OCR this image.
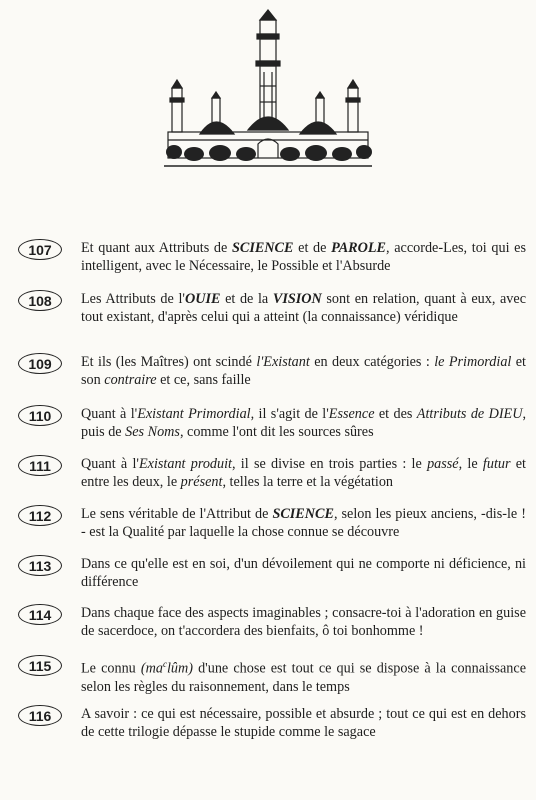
107	Et quant aux Attributs de SCIENCE et de PAROLE, accorde-Les, toi qui es intelligent, avec le Nécessaire, le Possible et l'Absurde
108	Les Attributs de l'OUIE et de la VISION sont en relation, quant à eux, avec tout existant, d'après celui qui a atteint (la connaissance) véridique
109	Et ils (les Maîtres) ont scindé l'Existant en deux catégories : le Primordial et son contraire et ce, sans faille
110	Quant à l'Existant Primordial, il s'agit de l'Essence et des Attributs de DIEU, puis de Ses Noms, comme l'ont dit les sources sûres
111	Quant à l'Existant produit, il se divise en trois parties : le passé, le futur et entre les deux, le présent, telles la terre et la végétation
112	Le sens véritable de l'Attribut de SCIENCE, selon les pieux anciens, -dis-le ! - est la Qualité par laquelle la chose connue se découvre
113	Dans ce qu'elle est en soi, d'un dévoilement qui ne comporte ni déficience, ni différence
114	Dans chaque face des aspects imaginables ; consacre-toi à l'adoration en guise de sacerdoce, on t'accordera des bienfaits, ô toi bonhomme !
115	Le connu $(ma^clûm)$ d'une chose est tout ce qui se dispose à la connaissance selon les règles du raisonnement, dans le temps
116	A savoir : ce qui est nécessaire, possible et absurde ; tout ce qui est en dehors de cette trilogie dépasse le stupide comme le sagace
